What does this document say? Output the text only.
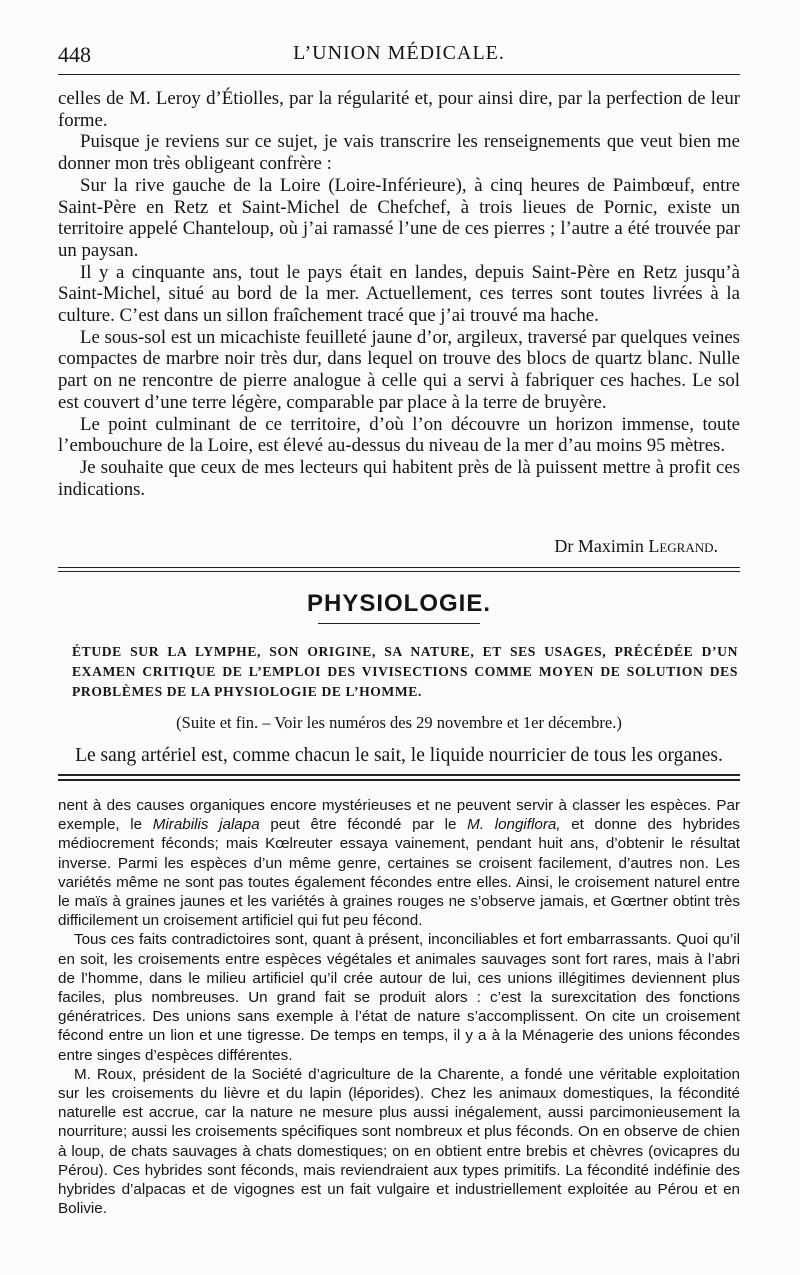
448	L’UNION MÉDICALE.

celles de M. Leroy d’Étiolles, par la régularité et, pour ainsi dire, par la perfection de leur forme.

Puisque je reviens sur ce sujet, je vais transcrire les renseignements que veut bien me donner mon très obligeant confrère :

Sur la rive gauche de la Loire (Loire-Inférieure), à cinq heures de Paimbœuf, entre Saint-Père en Retz et Saint-Michel de Chefchef, à trois lieues de Pornic, existe un territoire appelé Chanteloup, où j’ai ramassé l’une de ces pierres ; l’autre a été trouvée par un paysan.

Il y a cinquante ans, tout le pays était en landes, depuis Saint-Père en Retz jusqu’à Saint-Michel, situé au bord de la mer. Actuellement, ces terres sont toutes livrées à la culture. C’est dans un sillon fraîchement tracé que j’ai trouvé ma hache.

Le sous-sol est un micachiste feuilleté jaune d’or, argileux, traversé par quelques veines compactes de marbre noir très dur, dans lequel on trouve des blocs de quartz blanc. Nulle part on ne rencontre de pierre analogue à celle qui a servi à fabriquer ces haches. Le sol est couvert d’une terre légère, comparable par place à la terre de bruyère.

Le point culminant de ce territoire, d’où l’on découvre un horizon immense, toute l’embouchure de la Loire, est élevé au-dessus du niveau de la mer d’au moins 95 mètres.

Je souhaite que ceux de mes lecteurs qui habitent près de là puissent mettre à profit ces indications.

Dr Maximin Legrand.
PHYSIOLOGIE.

ÉTUDE SUR LA LYMPHE, SON ORIGINE, SA NATURE, ET SES USAGES, PRÉCÉDÉE D’UN EXAMEN CRITIQUE DE L’EMPLOI DES VIVISECTIONS COMME MOYEN DE SOLUTION DES PROBLÈMES DE LA PHYSIOLOGIE DE L’HOMME.

(Suite et fin. – Voir les numéros des 29 novembre et 1er décembre.)
Le sang artériel est, comme chacun le sait, le liquide nourricier de tous les organes.

nent à des causes organiques encore mystérieuses et ne peuvent servir à classer les espèces. Par exemple, le Mirabilis jalapa peut être fécondé par le M. longiflora, et donne des hybrides médiocrement féconds; mais Kœlreuter essaya vainement, pendant huit ans, d’obtenir le résultat inverse. Parmi les espèces d’un même genre, certaines se croisent facilement, d’autres non. Les variétés même ne sont pas toutes également fécondes entre elles. Ainsi, le croisement naturel entre le maïs à graines jaunes et les variétés à graines rouges ne s’observe jamais, et Gœrtner obtint très difficilement un croisement artificiel qui fut peu fécond.

Tous ces faits contradictoires sont, quant à présent, inconciliables et fort embarrassants. Quoi qu’il en soit, les croisements entre espèces végétales et animales sauvages sont fort rares, mais à l’abri de l’homme, dans le milieu artificiel qu’il crée autour de lui, ces unions illégitimes deviennent plus faciles, plus nombreuses. Un grand fait se produit alors : c’est la surexcitation des fonctions génératrices. Des unions sans exemple à l’état de nature s’accomplissent. On cite un croisement fécond entre un lion et une tigresse. De temps en temps, il y a à la Ménagerie des unions fécondes entre singes d’espèces différentes.

M. Roux, président de la Société d’agriculture de la Charente, a fondé une véritable exploitation sur les croisements du lièvre et du lapin (léporides). Chez les animaux domestiques, la fécondité naturelle est accrue, car la nature ne mesure plus aussi inégalement, aussi parcimonieusement la nourriture; aussi les croisements spécifiques sont nombreux et plus féconds. On en observe de chien à loup, de chats sauvages à chats domestiques; on en obtient entre brebis et chèvres (ovicapres du Pérou). Ces hybrides sont féconds, mais reviendraient aux types primitifs. La fécondité indéfinie des hybrides d’alpacas et de vigognes est un fait vulgaire et industriellement exploitée au Pérou et en Bolivie.
